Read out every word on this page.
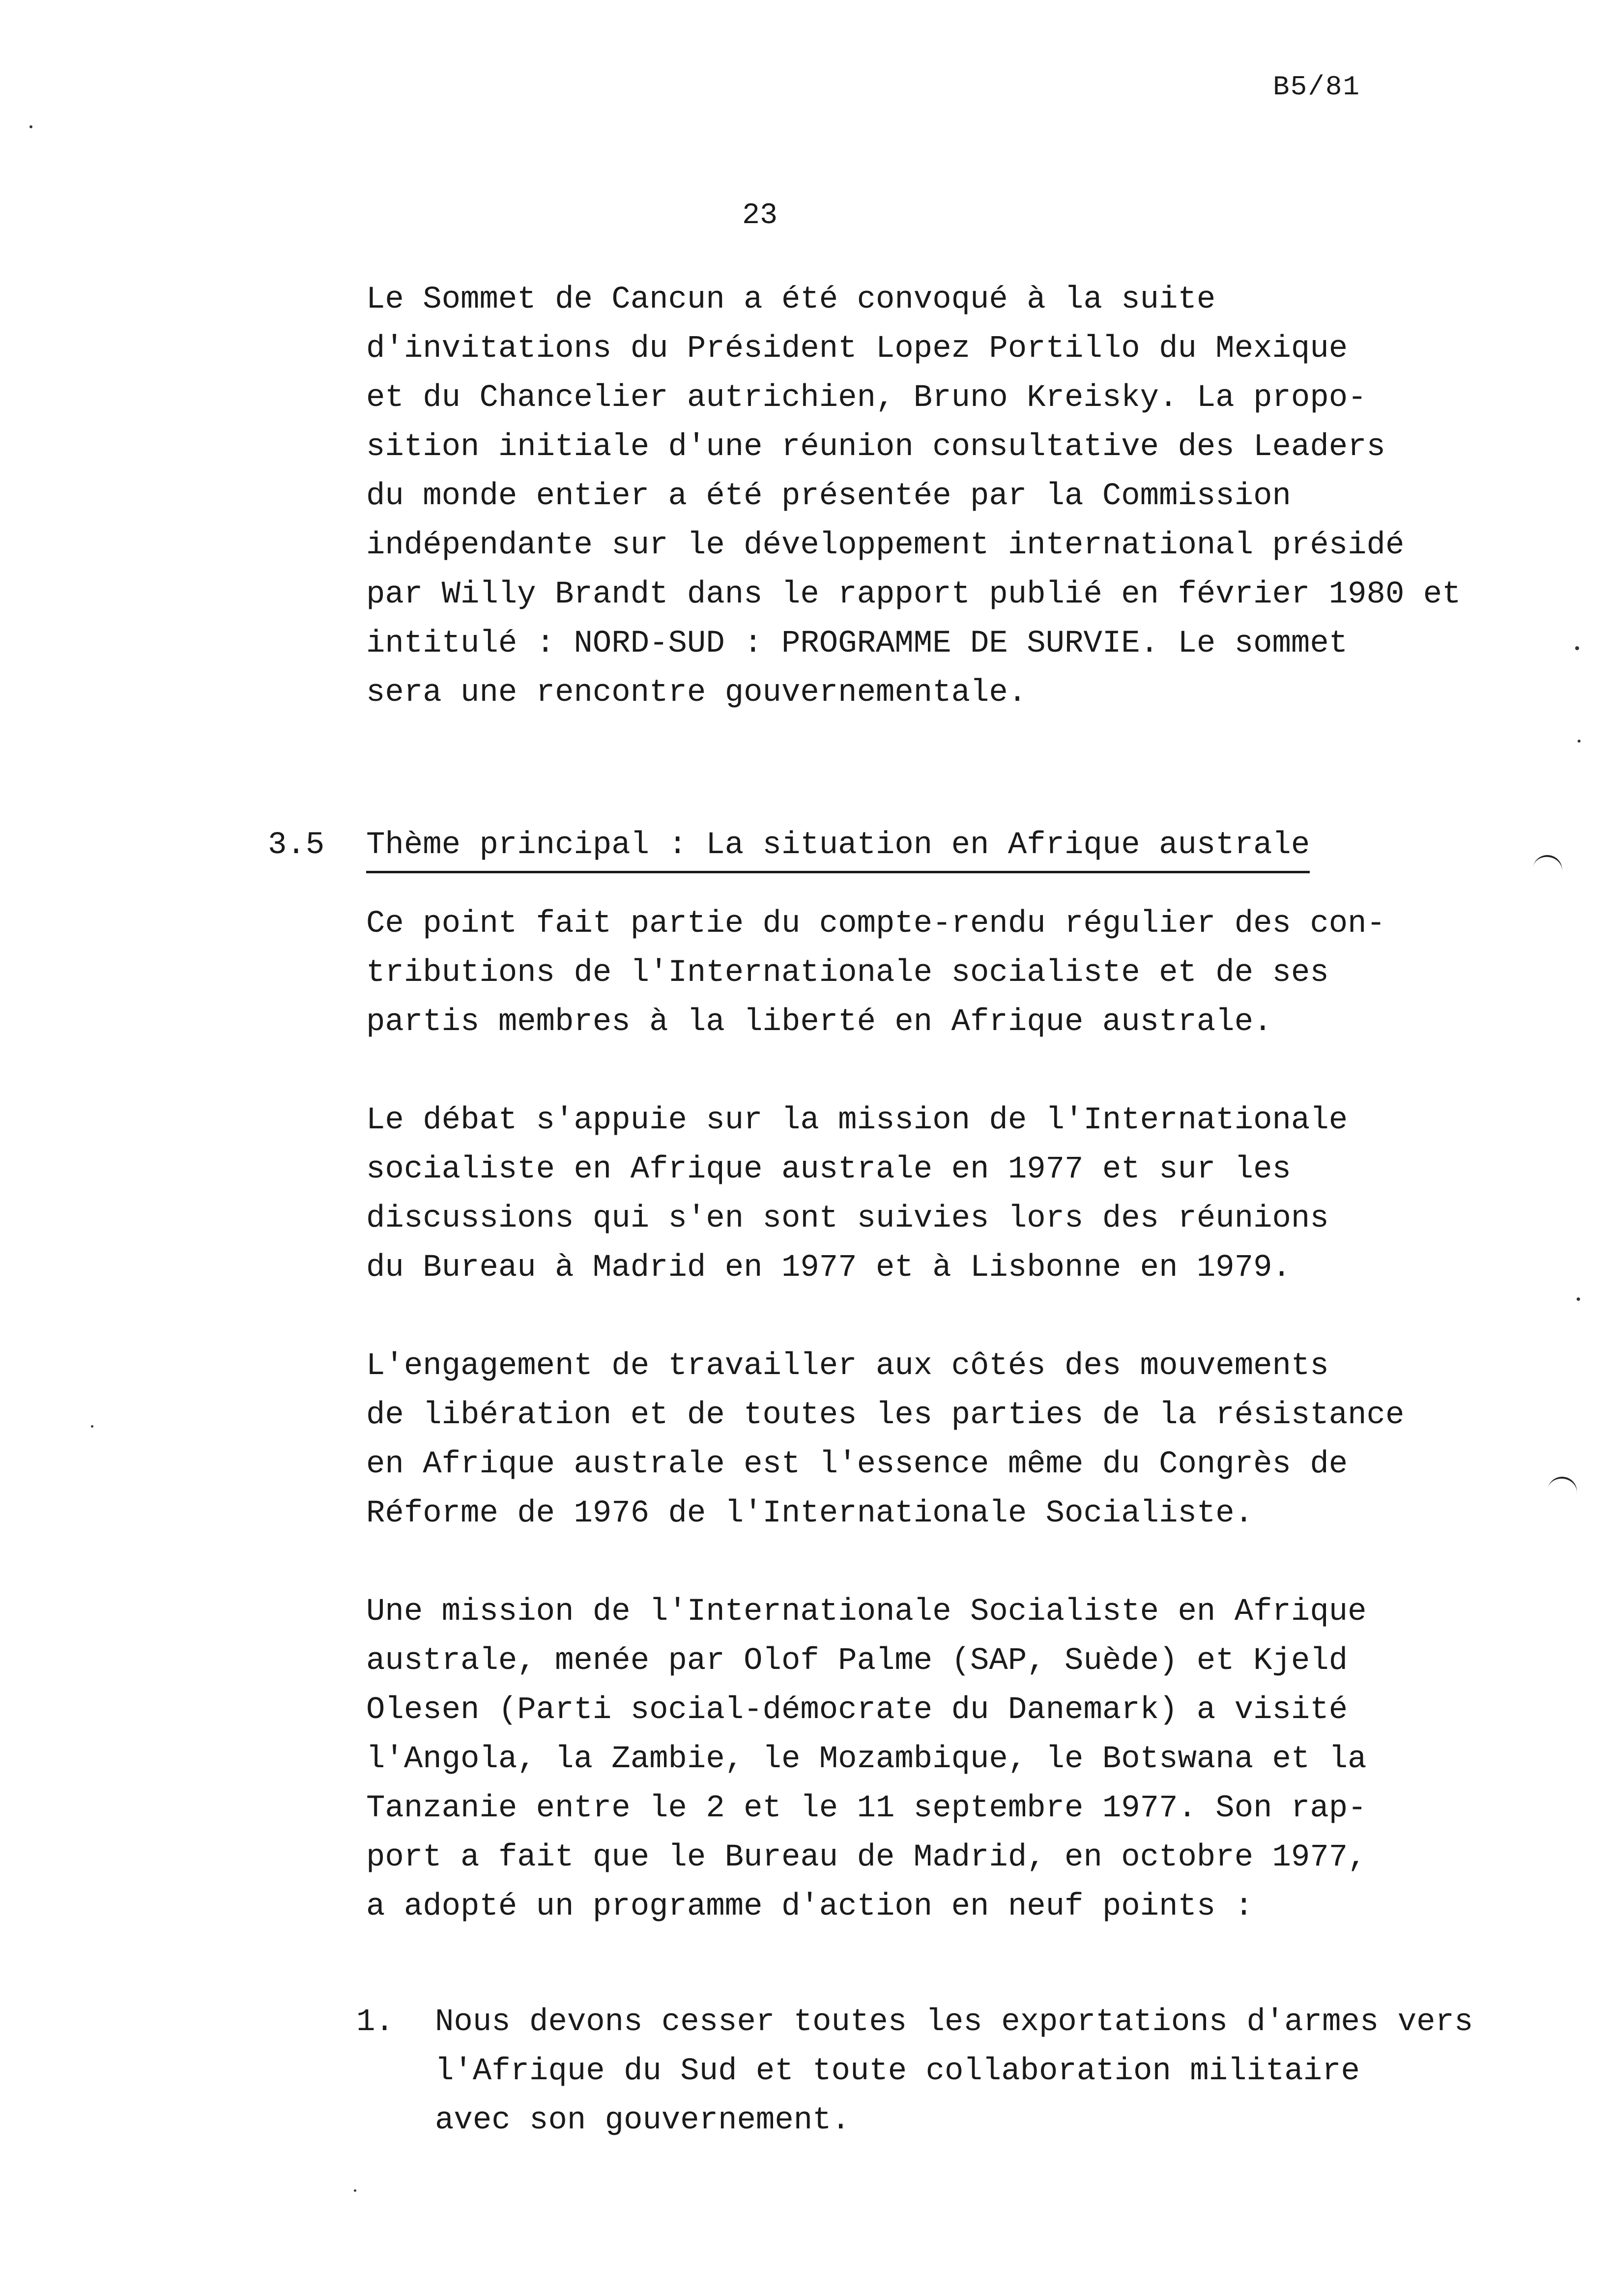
B5/81
23
Le Sommet de Cancun a été convoqué à la suite
d'invitations du Président Lopez Portillo du Mexique
et du Chancelier autrichien, Bruno Kreisky. La propo-
sition initiale d'une réunion consultative des Leaders
du monde entier a été présentée par la Commission
indépendante sur le développement international présidé
par Willy Brandt dans le rapport publié en février 1980 et
intitulé : NORD-SUD : PROGRAMME DE SURVIE. Le sommet
sera une rencontre gouvernementale.
3.5 Thème principal : La situation en Afrique australe
Ce point fait partie du compte-rendu régulier des con-
tributions de l'Internationale socialiste et de ses
partis membres à la liberté en Afrique australe.
Le débat s'appuie sur la mission de l'Internationale
socialiste en Afrique australe en 1977 et sur les
discussions qui s'en sont suivies lors des réunions
du Bureau à Madrid en 1977 et à Lisbonne en 1979.
L'engagement de travailler aux côtés des mouvements
de libération et de toutes les parties de la résistance
en Afrique australe est l'essence même du Congrès de
Réforme de 1976 de l'Internationale Socialiste.
Une mission de l'Internationale Socialiste en Afrique
australe, menée par Olof Palme (SAP, Suède) et Kjeld
Olesen (Parti social-démocrate du Danemark) a visité
l'Angola, la Zambie, le Mozambique, le Botswana et la
Tanzanie entre le 2 et le 11 septembre 1977. Son rap-
port a fait que le Bureau de Madrid, en octobre 1977,
a adopté un programme d'action en neuf points :
1. Nous devons cesser toutes les exportations d'armes vers
l'Afrique du Sud et toute collaboration militaire
avec son gouvernement.
